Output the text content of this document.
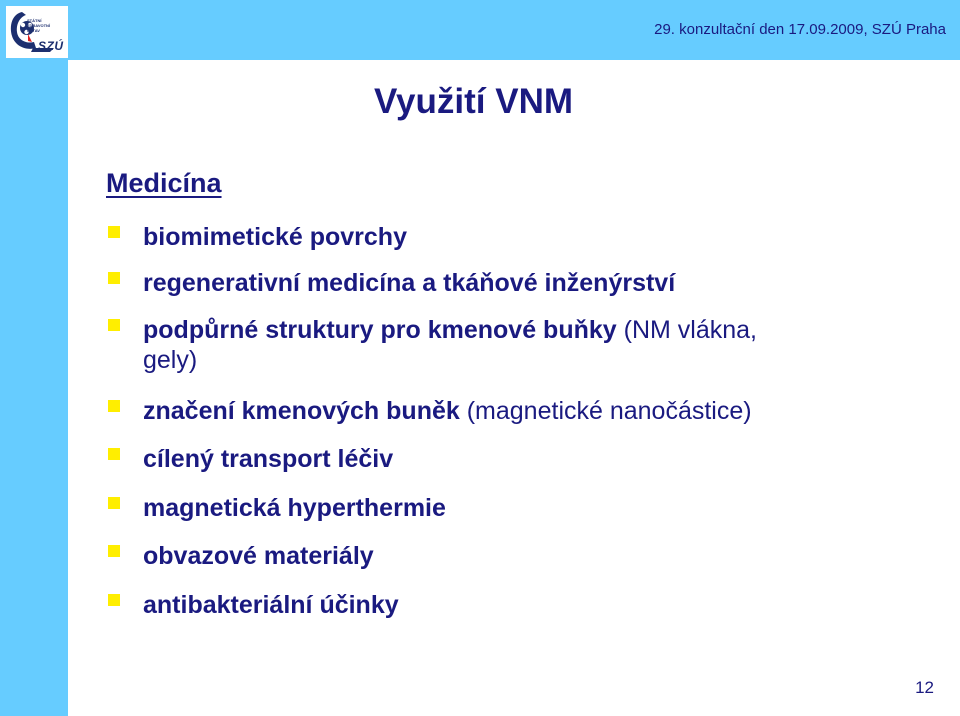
STÁTNÍ
ZDRAVOTNÍ
ÚSTAV
SZÚ
29. konzultační den 17.09.2009, SZÚ Praha
Využití VNM
Medicína
biomimetické povrchy
regenerativní medicína a tkáňové inženýrství
podpůrné struktury pro kmenové buňky (NM vlákna,
značení kmenových buněk (magnetické nanočástice)
cílený transport léčiv
magnetická hyperthermie
obvazové materiály
antibakteriální účinky
gely)
12
